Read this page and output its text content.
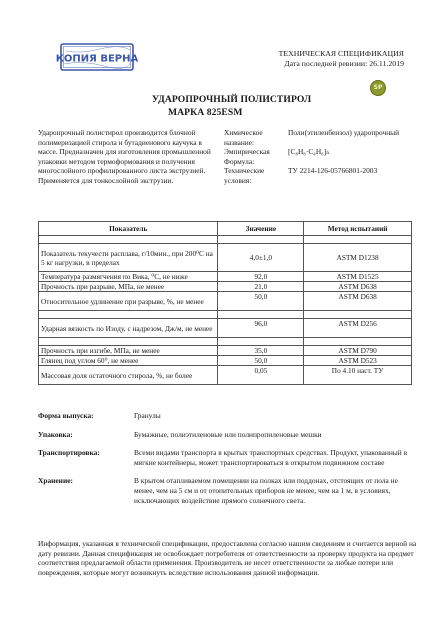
КОПИЯ ВЕРНА	ТЕХНИЧЕСКАЯ СПЕЦИФИКАЦИЯ
Дата последней ревизии: 26.11.2019
УДАРОПРОЧНЫЙ ПОЛИСТИРОЛ
МАРКА 825ESM
SP
Ударопрочный полистирол производится блочной полимеризацией стирола и бутадиенового каучука в массе. Предназначен для изготовления промышленной упаковки методом термоформования и получения многослойного профилированного листа экструзией. Применяется для тонкослойной экструзии.
Химическое название:
Поли(этиленбензол) ударопрочный
Эмпирическая Формула:
[C₈H₈·C₄H₆]ₙ
Технические условия:
ТУ 2214-126-05766801-2003
Показатель	Значение	Метод испытаний

Показатель текучести расплава, г/10мин., при 200⁰С на 5 кг нагрузки, в пределах	4,0±1,0	ASTM D1238
Температура размягчения по Вика, ⁰С, не ниже	92,0	ASTM D1525
Прочность при разрыве, МПа, не менее	21,0	ASTM D638
Относительное удлинение при разрыве, %, не менее	50,0	ASTM D638

Ударная вязкость по Изоду, с надрезом, Дж/м, не менее	96,0	ASTM D256

Прочность при изгибе, МПа, не менее	35,0	ASTM D790
Глянец под углом 60⁰, не менее	50,0	ASTM D523
Массовая доля остаточного стирола, %, не более	0,05	По 4.10 наст. ТУ
Форма выпуска:	Гранулы
Упаковка:	Бумажные, полиэтиленовые или полипропиленовые мешки
Транспортировка:	Всеми видами транспорта в крытых транспортных средствах. Продукт, упакованный в мягкие контейнеры, может транспортироваться в открытом подвижном составе
Хранение:	В крытом отапливаемом помещении на полках или поддонах, отстоящих от пола не менее, чем на 5 см и от отопительных приборов не менее, чем на 1 м, в условиях, исключающих воздействие прямого солнечного света.
Информация, указанная в технической спецификации, предоставлена согласно нашим сведениям и считается верной на дату ревизии. Данная спецификация не освобождает потребителя от ответственности за проверку продукта на предмет соответствия предлагаемой области применения. Производитель не несет ответственности за любые потери или повреждения, которые могут возникнуть вследствие использования данной информации.
